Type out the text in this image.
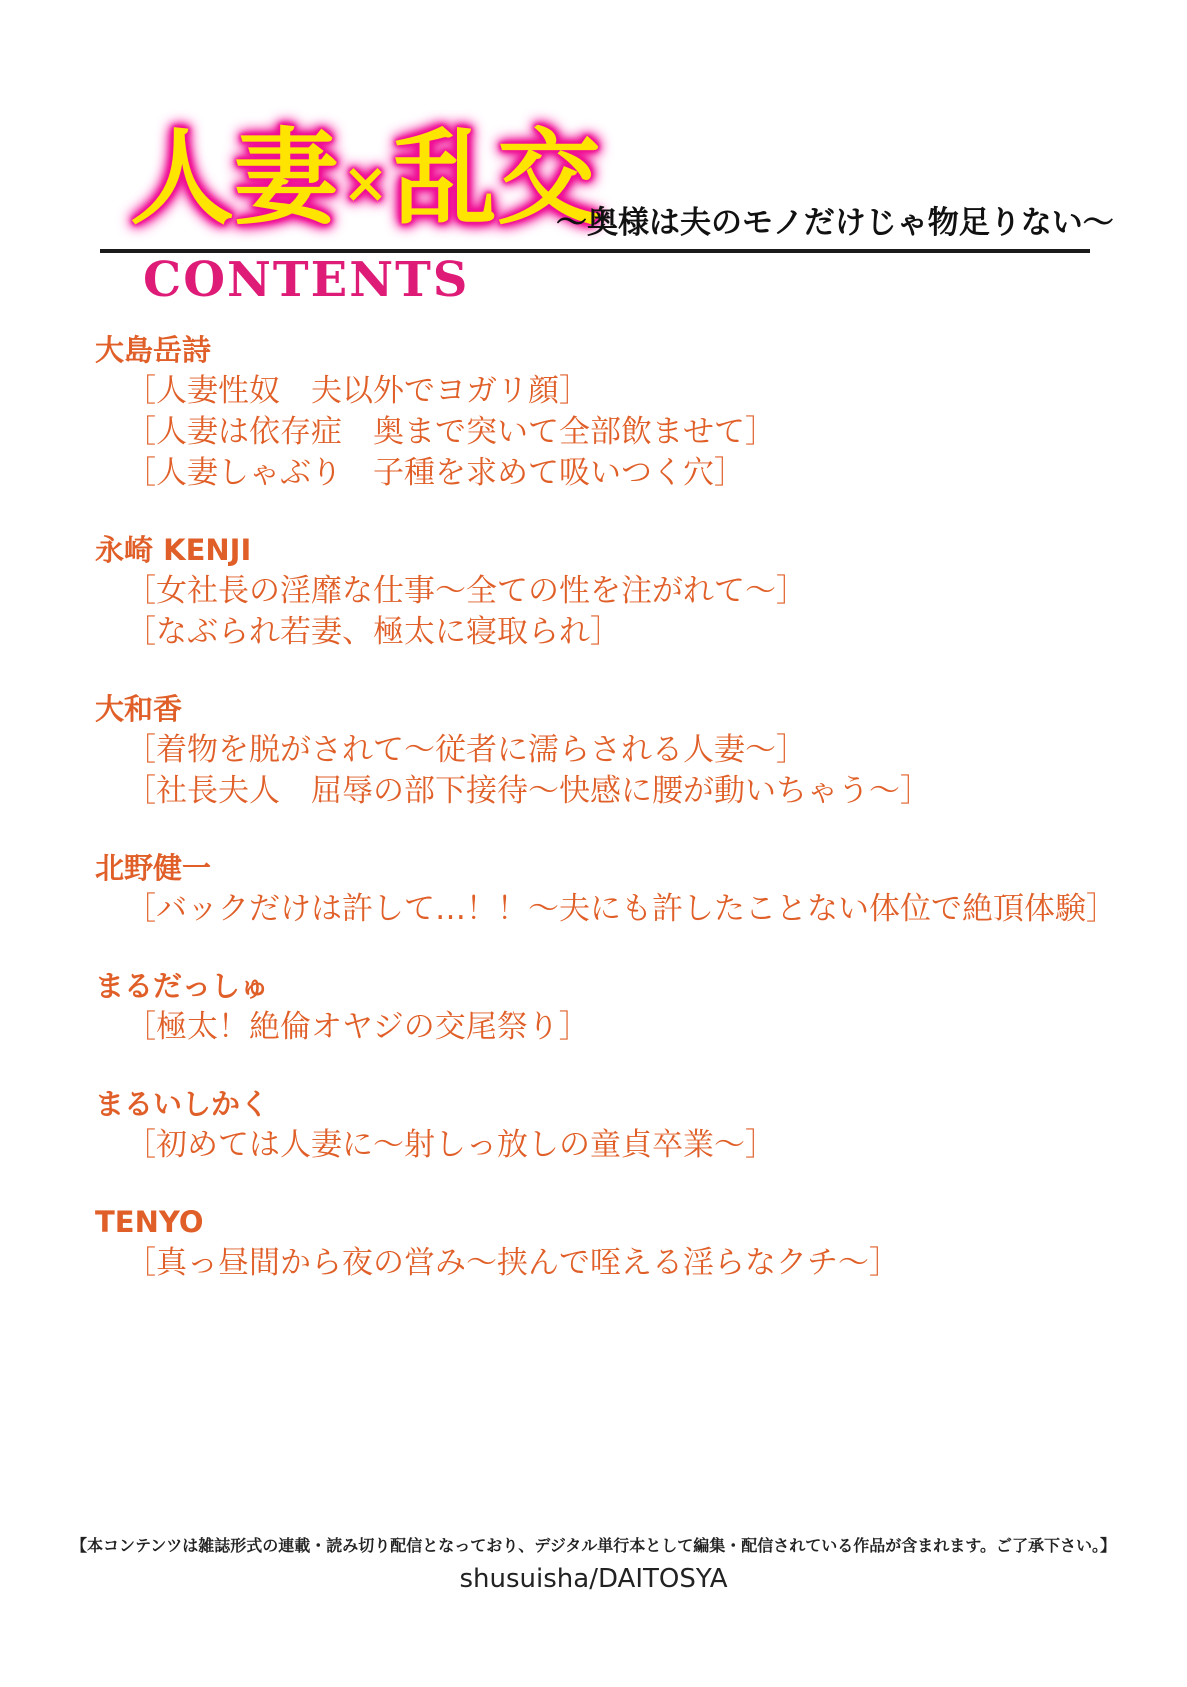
人妻×乱交
～奥様は夫のモノだけじゃ物足りない～
CONTENTS
大島岳詩
［人妻性奴　夫以外でヨガリ顔］
［人妻は依存症　奥まで突いて全部飲ませて］
［人妻しゃぶり　子種を求めて吸いつく穴］
永崎 KENJI
［女社長の淫靡な仕事～全ての性を注がれて～］
［なぶられ若妻、極太に寝取られ］
大和香
［着物を脱がされて～従者に濡らされる人妻～］
［社長夫人　屈辱の部下接待～快感に腰が動いちゃう～］
北野健一
［バックだけは許して…！！～夫にも許したことない体位で絶頂体験］
まるだっしゅ
［極太！絶倫オヤジの交尾祭り］
まるいしかく
［初めては人妻に～射しっ放しの童貞卒業～］
TENYO
［真っ昼間から夜の営み～挟んで咥える淫らなクチ～］
【本コンテンツは雑誌形式の連載・読み切り配信となっており、デジタル単行本として編集・配信されている作品が含まれます。ご了承下さい。】
shusuisha/DAITOSYA
